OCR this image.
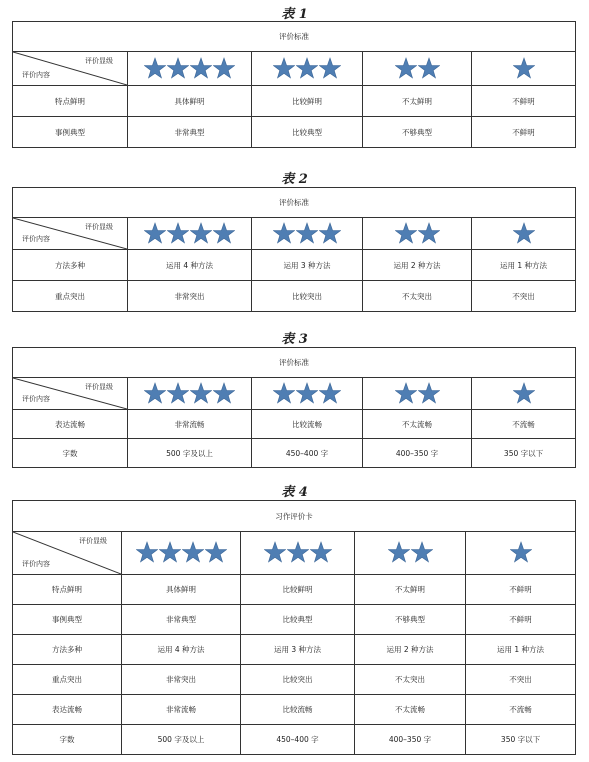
表 1
评价标准				

评价显级
评价内容

特点鲜明	具体鲜明	比较鲜明	不太鲜明	不鲜明
事例典型	非常典型	比较典型	不够典型	不鲜明
表 2
评价标准				

评价显级
评价内容

方法多种	运用 4 种方法	运用 3 种方法	运用 2 种方法	运用 1 种方法
重点突出	非常突出	比较突出	不太突出	不突出
表 3
评价标准				

评价显级
评价内容

表达流畅	非常流畅	比较流畅	不太流畅	不流畅
字数	500 字及以上	450–400 字	400–350 字	350 字以下
表 4
习作评价卡				

评价显级
评价内容

特点鲜明	具体鲜明	比较鲜明	不太鲜明	不鲜明
事例典型	非常典型	比较典型	不够典型	不鲜明
方法多种	运用 4 种方法	运用 3 种方法	运用 2 种方法	运用 1 种方法
重点突出	非常突出	比较突出	不太突出	不突出
表达流畅	非常流畅	比较流畅	不太流畅	不流畅
字数	500 字及以上	450–400 字	400–350 字	350 字以下
